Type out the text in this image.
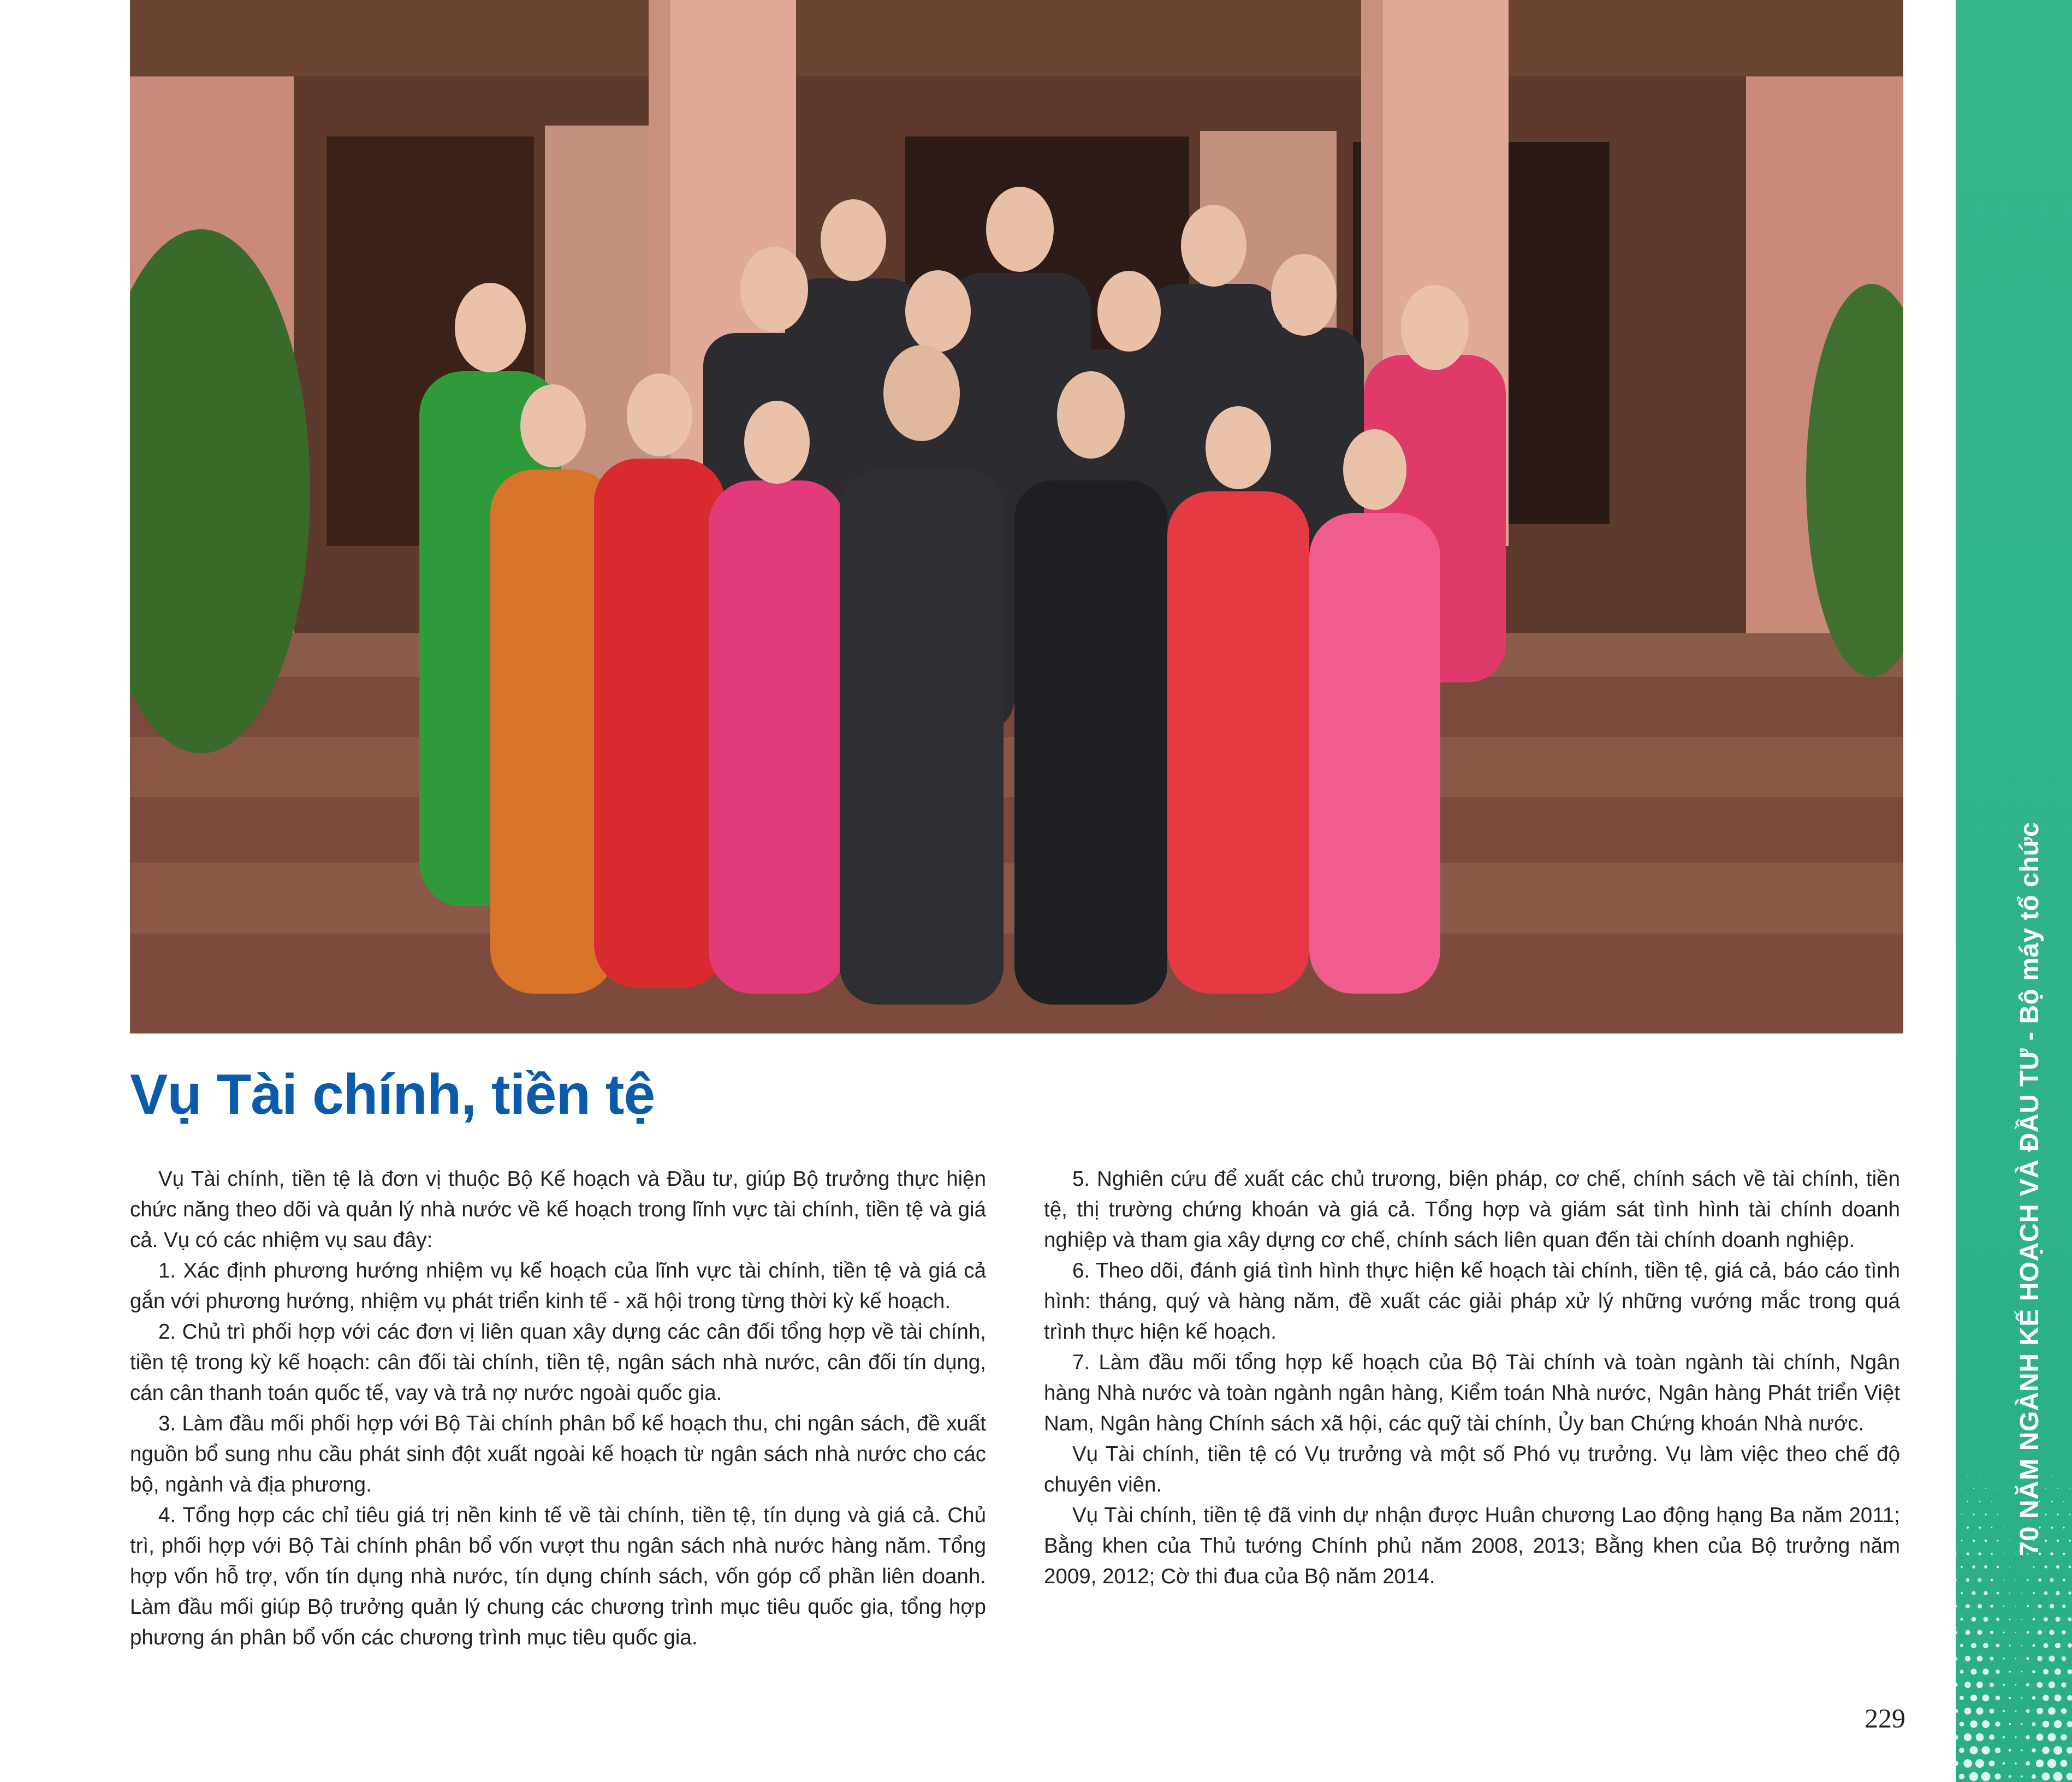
Vụ Tài chính, tiền tệ

Vụ Tài chính, tiền tệ là đơn vị thuộc Bộ Kế hoạch và Đầu tư, giúp Bộ trưởng thực hiện chức năng theo dõi và quản lý nhà nước về kế hoạch trong lĩnh vực tài chính, tiền tệ và giá cả. Vụ có các nhiệm vụ sau đây:

1. Xác định phương hướng nhiệm vụ kế hoạch của lĩnh vực tài chính, tiền tệ và giá cả gắn với phương hướng, nhiệm vụ phát triển kinh tế - xã hội trong từng thời kỳ kế hoạch.

2. Chủ trì phối hợp với các đơn vị liên quan xây dựng các cân đối tổng hợp về tài chính, tiền tệ trong kỳ kế hoạch: cân đối tài chính, tiền tệ, ngân sách nhà nước, cân đối tín dụng, cán cân thanh toán quốc tế, vay và trả nợ nước ngoài quốc gia.

3. Làm đầu mối phối hợp với Bộ Tài chính phân bổ kế hoạch thu, chi ngân sách, đề xuất nguồn bổ sung nhu cầu phát sinh đột xuất ngoài kế hoạch từ ngân sách nhà nước cho các bộ, ngành và địa phương.

4. Tổng hợp các chỉ tiêu giá trị nền kinh tế về tài chính, tiền tệ, tín dụng và giá cả. Chủ trì, phối hợp với Bộ Tài chính phân bổ vốn vượt thu ngân sách nhà nước hàng năm. Tổng hợp vốn hỗ trợ, vốn tín dụng nhà nước, tín dụng chính sách, vốn góp cổ phần liên doanh. Làm đầu mối giúp Bộ trưởng quản lý chung các chương trình mục tiêu quốc gia, tổng hợp phương án phân bổ vốn các chương trình mục tiêu quốc gia.

5. Nghiên cứu để xuất các chủ trương, biện pháp, cơ chế, chính sách về tài chính, tiền tệ, thị trường chứng khoán và giá cả. Tổng hợp và giám sát tình hình tài chính doanh nghiệp và tham gia xây dựng cơ chế, chính sách liên quan đến tài chính doanh nghiệp.

6. Theo dõi, đánh giá tình hình thực hiện kế hoạch tài chính, tiền tệ, giá cả, báo cáo tình hình: tháng, quý và hàng năm, đề xuất các giải pháp xử lý những vướng mắc trong quá trình thực hiện kế hoạch.

7. Làm đầu mối tổng hợp kế hoạch của Bộ Tài chính và toàn ngành tài chính, Ngân hàng Nhà nước và toàn ngành ngân hàng, Kiểm toán Nhà nước, Ngân hàng Phát triển Việt Nam, Ngân hàng Chính sách xã hội, các quỹ tài chính, Ủy ban Chứng khoán Nhà nước.

Vụ Tài chính, tiền tệ có Vụ trưởng và một số Phó vụ trưởng. Vụ làm việc theo chế độ chuyên viên.

Vụ Tài chính, tiền tệ đã vinh dự nhận được Huân chương Lao động hạng Ba năm 2011; Bằng khen của Thủ tướng Chính phủ năm 2008, 2013; Bằng khen của Bộ trưởng năm 2009, 2012; Cờ thi đua của Bộ năm 2014.

229
70 NĂM NGÀNH KẾ HOẠCH VÀ ĐẦU TƯ-Bộ máy tổ chức
